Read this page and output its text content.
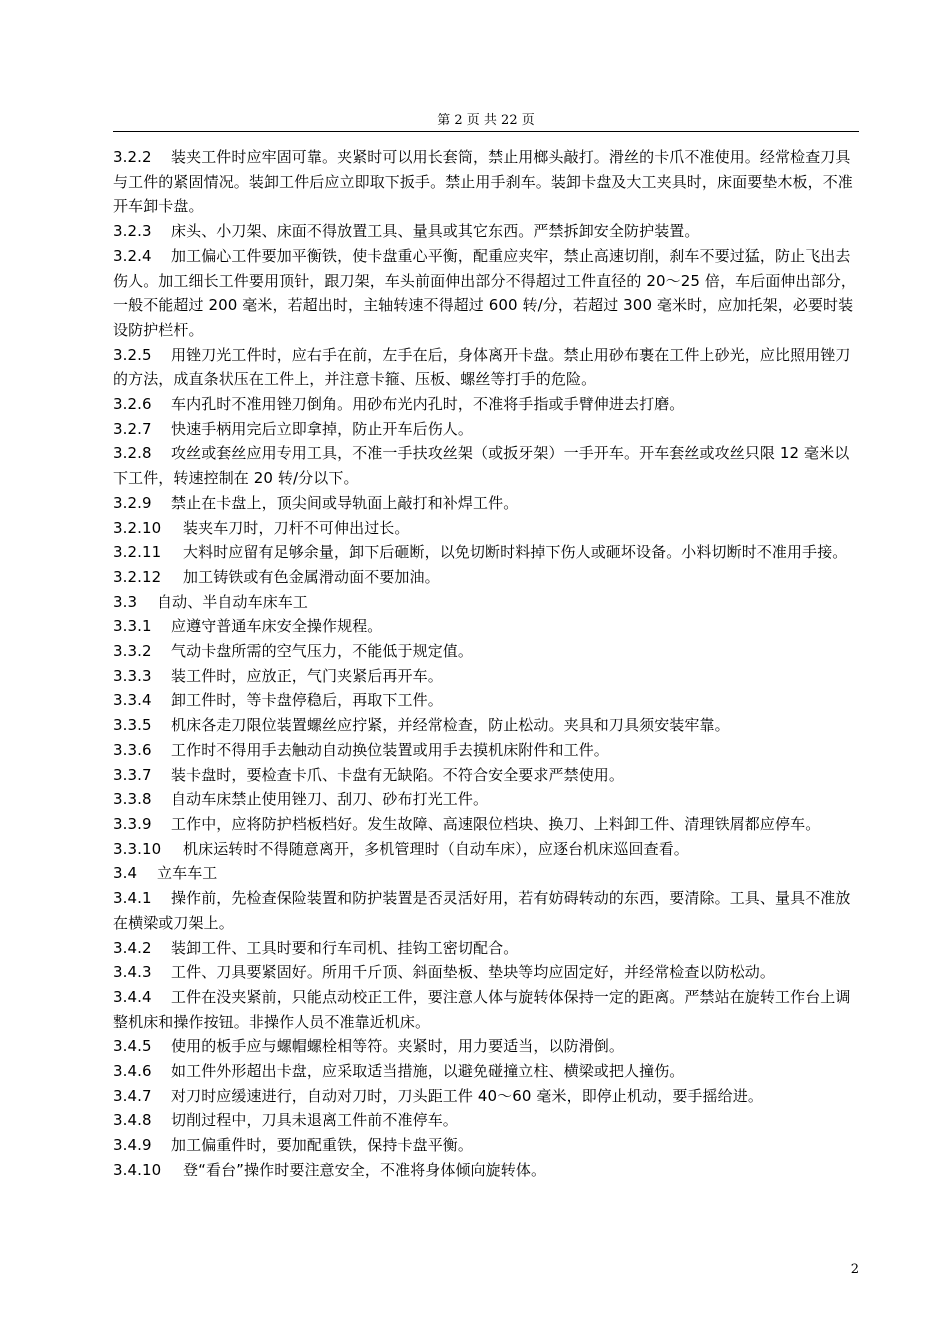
第 2 页 共 22 页

3.2.2 装夹工件时应牢固可靠。夹紧时可以用长套筒，禁止用榔头敲打。滑丝的卡爪不准使用。经常检查刀具与工件的紧固情况。装卸工件后应立即取下扳手。禁止用手刹车。装卸卡盘及大工夹具时，床面要垫木板，不准开车卸卡盘。

3.2.3 床头、小刀架、床面不得放置工具、量具或其它东西。严禁拆卸安全防护装置。

3.2.4 加工偏心工件要加平衡铁，使卡盘重心平衡，配重应夹牢，禁止高速切削，刹车不要过猛，防止飞出去伤人。加工细长工件要用顶针，跟刀架，车头前面伸出部分不得超过工件直径的 20～25 倍，车后面伸出部分，一般不能超过 200 毫米，若超出时，主轴转速不得超过 600 转/分，若超过 300 毫米时，应加托架，必要时装设防护栏杆。

3.2.5 用锉刀光工件时，应右手在前，左手在后，身体离开卡盘。禁止用砂布裹在工件上砂光，应比照用锉刀的方法，成直条状压在工件上，并注意卡箍、压板、螺丝等打手的危险。

3.2.6 车内孔时不准用锉刀倒角。用砂布光内孔时，不准将手指或手臂伸进去打磨。

3.2.7 快速手柄用完后立即拿掉，防止开车后伤人。

3.2.8 攻丝或套丝应用专用工具，不准一手扶攻丝架（或扳牙架）一手开车。开车套丝或攻丝只限 12 毫米以下工件，转速控制在 20 转/分以下。

3.2.9 禁止在卡盘上，顶尖间或导轨面上敲打和补焊工件。

3.2.10 装夹车刀时，刀杆不可伸出过长。

3.2.11 大料时应留有足够余量，卸下后砸断，以免切断时料掉下伤人或砸坏设备。小料切断时不准用手接。

3.2.12 加工铸铁或有色金属滑动面不要加油。

3.3 自动、半自动车床车工

3.3.1 应遵守普通车床安全操作规程。

3.3.2 气动卡盘所需的空气压力，不能低于规定值。

3.3.3 装工件时，应放正，气门夹紧后再开车。

3.3.4 卸工件时，等卡盘停稳后，再取下工件。

3.3.5 机床各走刀限位装置螺丝应拧紧，并经常检查，防止松动。夹具和刀具须安装牢靠。

3.3.6 工作时不得用手去触动自动换位装置或用手去摸机床附件和工件。

3.3.7 装卡盘时，要检查卡爪、卡盘有无缺陷。不符合安全要求严禁使用。

3.3.8 自动车床禁止使用锉刀、刮刀、砂布打光工件。

3.3.9 工作中，应将防护档板档好。发生故障、高速限位档块、换刀、上料卸工件、清理铁屑都应停车。

3.3.10 机床运转时不得随意离开，多机管理时（自动车床），应逐台机床巡回查看。

3.4 立车车工

3.4.1 操作前，先检查保险装置和防护装置是否灵活好用，若有妨碍转动的东西，要清除。工具、量具不准放在横梁或刀架上。

3.4.2 装卸工件、工具时要和行车司机、挂钩工密切配合。

3.4.3 工件、刀具要紧固好。所用千斤顶、斜面垫板、垫块等均应固定好，并经常检查以防松动。

3.4.4 工件在没夹紧前，只能点动校正工件，要注意人体与旋转体保持一定的距离。严禁站在旋转工作台上调整机床和操作按钮。非操作人员不准靠近机床。

3.4.5 使用的板手应与螺帽螺栓相等符。夹紧时，用力要适当，以防滑倒。

3.4.6 如工件外形超出卡盘，应采取适当措施，以避免碰撞立柱、横梁或把人撞伤。

3.4.7 对刀时应缓速进行，自动对刀时，刀头距工件 40～60 毫米，即停止机动，要手摇给进。

3.4.8 切削过程中，刀具未退离工件前不准停车。

3.4.9 加工偏重件时，要加配重铁，保持卡盘平衡。

3.4.10 登“看台”操作时要注意安全，不准将身体倾向旋转体。

2
